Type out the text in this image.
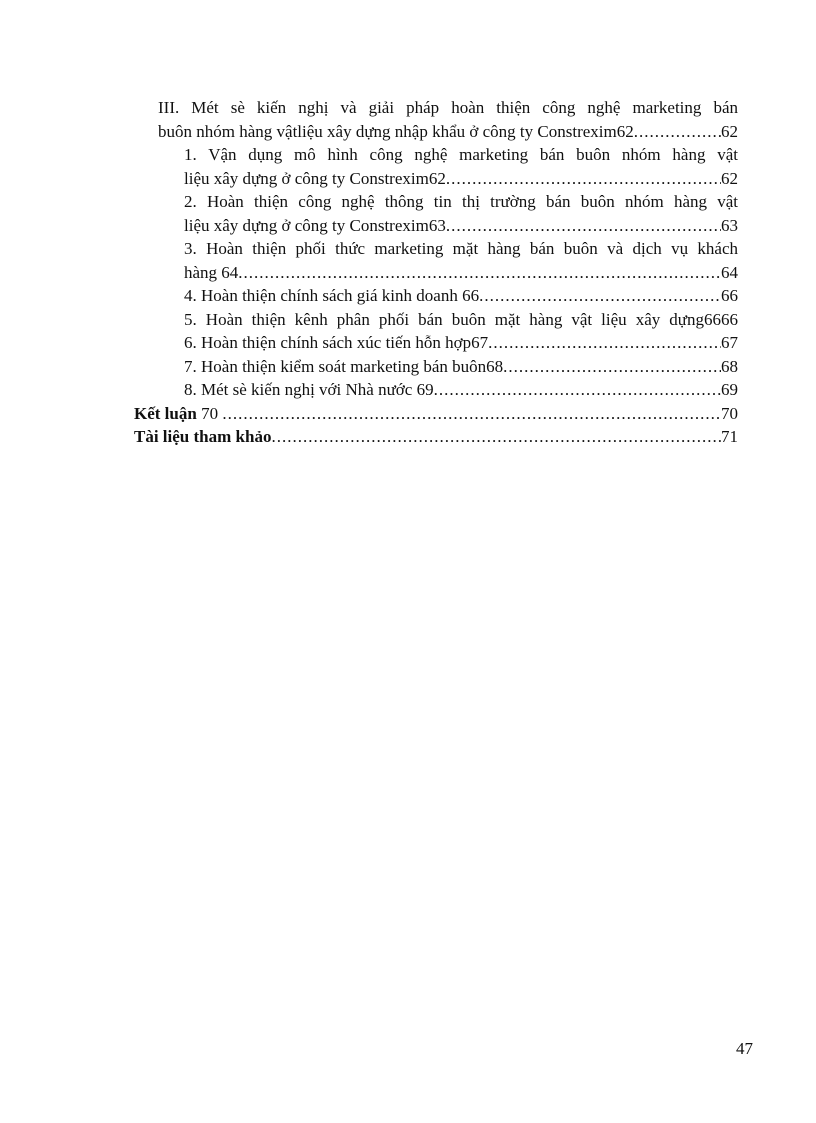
III. Mét sè kiến nghị và giải pháp hoàn thiện công nghệ marketing bán
buôn nhóm hàng vậtliệu xây dựng nhập khẩu ở công ty Constrexim62 .....	62
1. Vận dụng mô hình công nghệ marketing bán buôn nhóm hàng vật
liệu xây dựng ở công ty Constrexim62 .....	62
2. Hoàn thiện công nghệ thông tin thị trường bán buôn nhóm hàng vật
liệu xây dựng ở công ty Constrexim63 .....	63
3. Hoàn thiện phối thức marketing mặt hàng bán buôn và dịch vụ khách
hàng 64 .....	64
4. Hoàn thiện chính sách giá kinh doanh 66 .....	66
5. Hoàn thiện kênh phân phối bán buôn mặt hàng vật liệu xây dựng6666
6. Hoàn thiện chính sách xúc tiến hỗn hợp67 .....	67
7. Hoàn thiện kiểm soát marketing bán buôn68 .....	68
8. Mét sè kiến nghị với Nhà nước 69 .....	69
Kết luận 70 .....	70
Tài liệu tham khảo .....	71
47
